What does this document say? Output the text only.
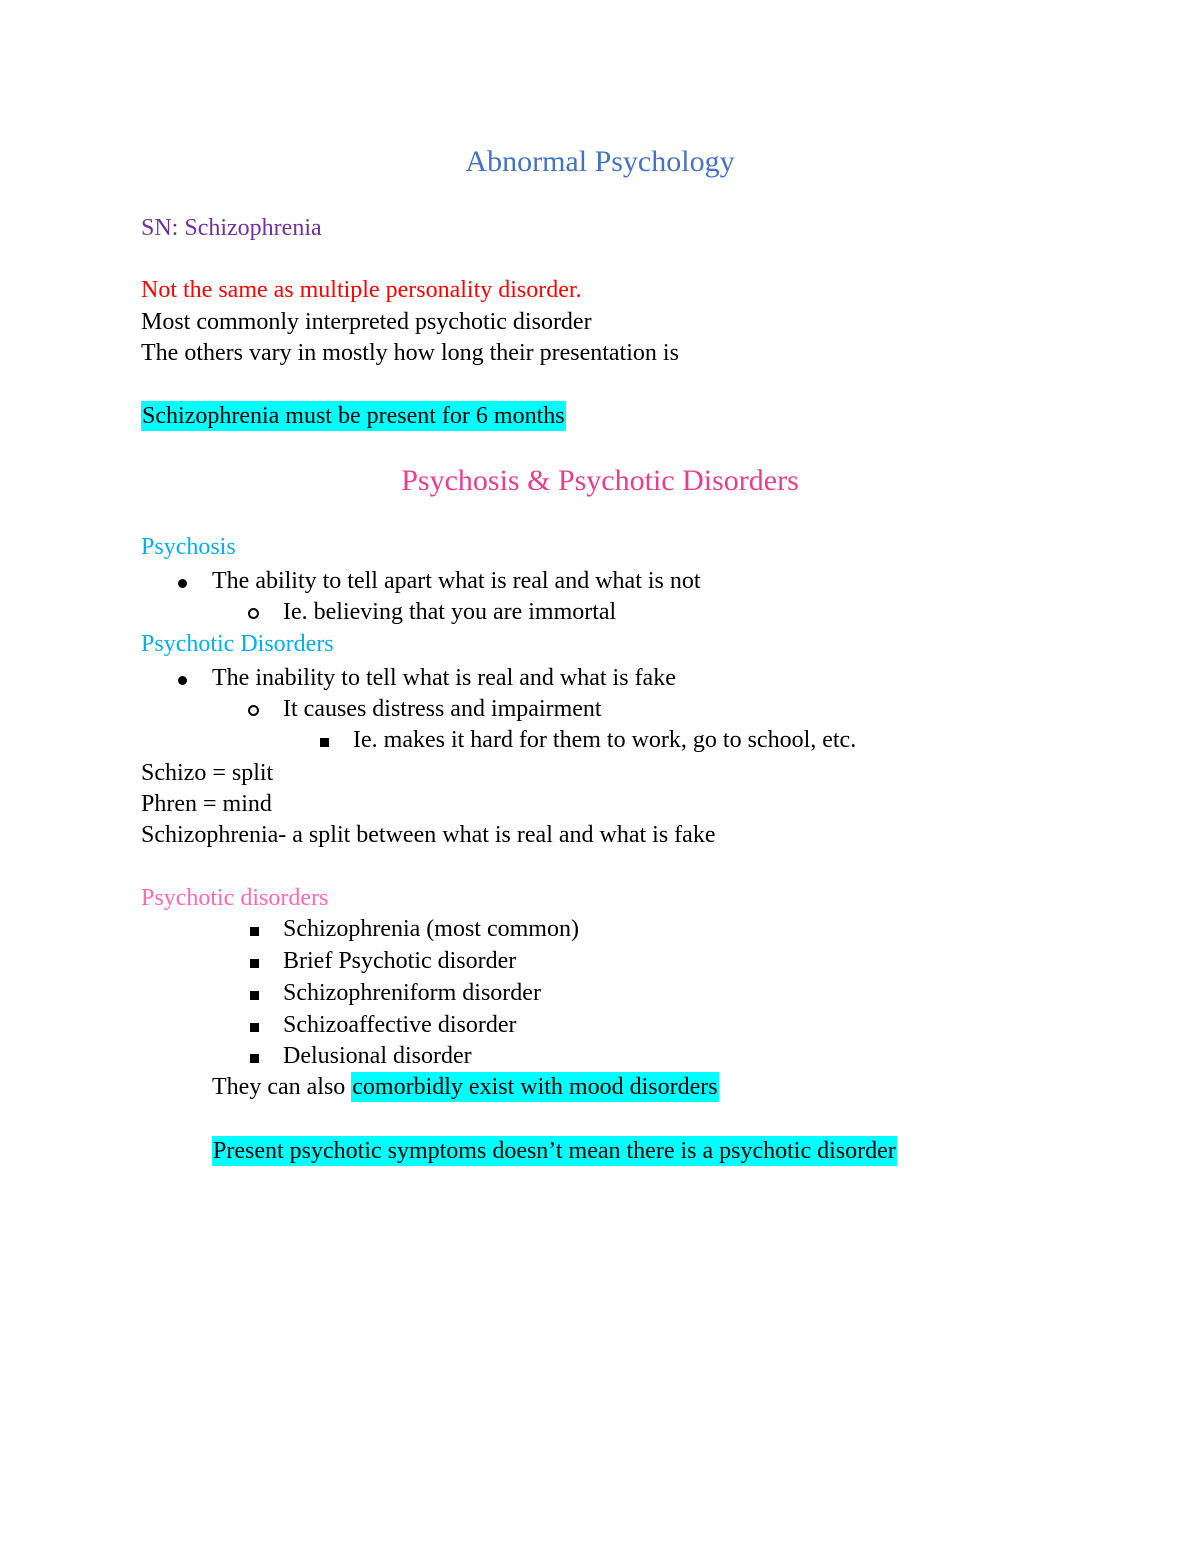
Abnormal Psychology
SN: Schizophrenia
Not the same as multiple personality disorder.
Most commonly interpreted psychotic disorder
The others vary in mostly how long their presentation is
Schizophrenia must be present for 6 months
Psychosis & Psychotic Disorders
Psychosis
The ability to tell apart what is real and what is not
Ie. believing that you are immortal
Psychotic Disorders
The inability to tell what is real and what is fake
It causes distress and impairment
Ie. makes it hard for them to work, go to school, etc.
Schizo = split
Phren = mind
Schizophrenia- a split between what is real and what is fake
Psychotic disorders
Schizophrenia (most common)
Brief Psychotic disorder
Schizophreniform disorder
Schizoaffective disorder
Delusional disorder
They can also comorbidly exist with mood disorders
Present psychotic symptoms doesn’t mean there is a psychotic disorder
